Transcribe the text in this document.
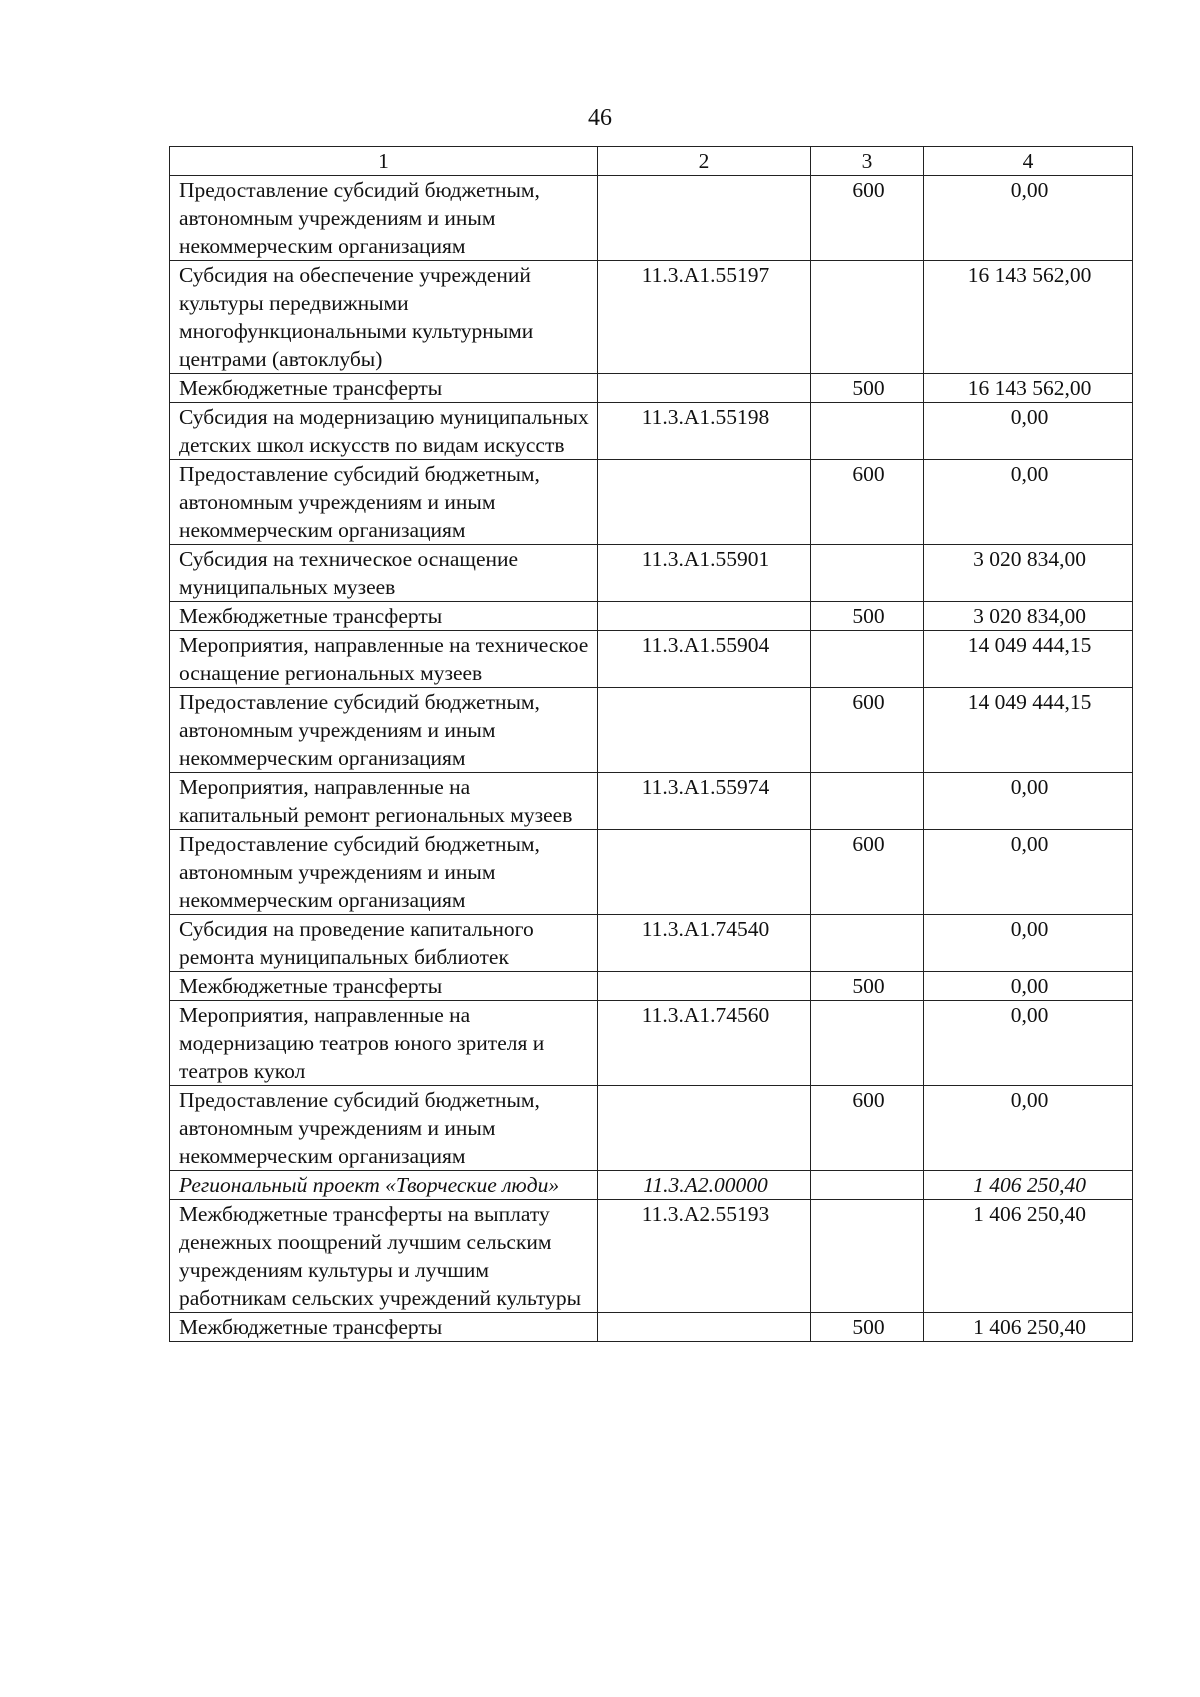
46
1	2	3	4
Предоставление субсидий бюджетным, автономным учреждениям и иным некоммерческим организациям		600	0,00
Субсидия на обеспечение учреждений культуры передвижными многофункциональными культурными центрами (автоклубы)	11.3.A1.55197		16 143 562,00
Межбюджетные трансферты		500	16 143 562,00
Субсидия на модернизацию муниципальных детских школ искусств по видам искусств	11.3.A1.55198		0,00
Предоставление субсидий бюджетным, автономным учреждениям и иным некоммерческим организациям		600	0,00
Субсидия на техническое оснащение муниципальных музеев	11.3.A1.55901		3 020 834,00
Межбюджетные трансферты		500	3 020 834,00
Мероприятия, направленные на техническое оснащение региональных музеев	11.3.A1.55904		14 049 444,15
Предоставление субсидий бюджетным, автономным учреждениям и иным некоммерческим организациям		600	14 049 444,15
Мероприятия, направленные на капитальный ремонт региональных музеев	11.3.A1.55974		0,00
Предоставление субсидий бюджетным, автономным учреждениям и иным некоммерческим организациям		600	0,00
Субсидия на проведение капитального ремонта муниципальных библиотек	11.3.A1.74540		0,00
Межбюджетные трансферты		500	0,00
Мероприятия, направленные на модернизацию театров юного зрителя и театров кукол	11.3.A1.74560		0,00
Предоставление субсидий бюджетным, автономным учреждениям и иным некоммерческим организациям		600	0,00
Региональный проект «Творческие люди»	11.3.A2.00000		1 406 250,40
Межбюджетные трансферты на выплату денежных поощрений лучшим сельским учреждениям культуры и лучшим работникам сельских учреждений культуры	11.3.A2.55193		1 406 250,40
Межбюджетные трансферты		500	1 406 250,40
